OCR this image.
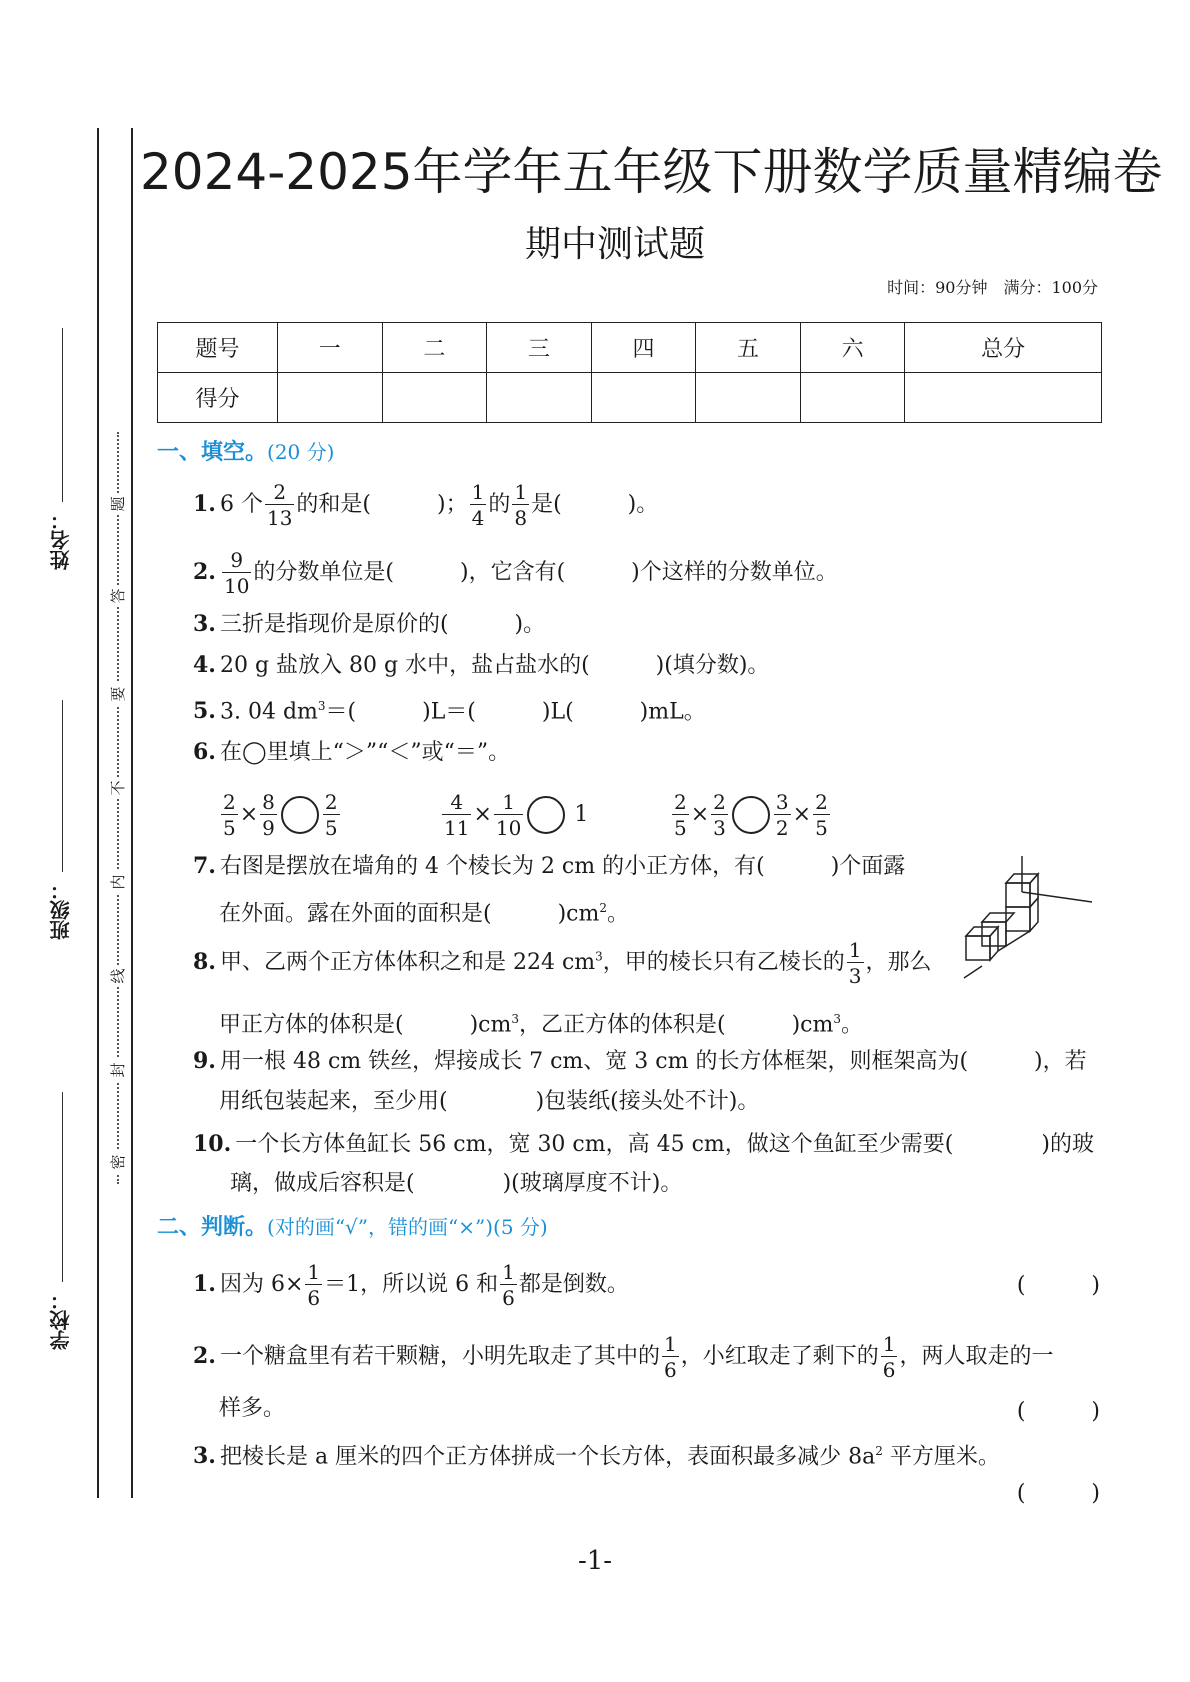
题
答
要
不
内
线
封
密
姓名：
班级：
学校：
2024-2025年学年五年级下册数学质量精编卷
期中测试题
时间：90分钟　满分：100分
题号	一	二	三	四	五	六	总分
得分							
一、填空。(20 分)
1. 6 个 $\frac{2}{13}$ 的和是(　　　)； $\frac{1}{4}$ 的 $\frac{1}{8}$ 是(　　　)。
2. $\frac{9}{10}$ 的分数单位是(　　　)，它含有(　　　)个这样的分数单位。
3. 三折是指现价是原价的(　　　)。
4. 20 g 盐放入 80 g 水中，盐占盐水的(　　　)(填分数)。
5. 3. 04 $dm^3=$(　　　)L＝(　　　)L(　　　)mL。
6. 在◯里填上“＞”“＜”或“＝”。
$\frac{2}{5} \times \frac{8}{9} \frac{2}{5}$	$\frac{4}{11} \times \frac{1}{10} 1$	$\frac{2}{5} \times \frac{2}{3} \frac{3}{2} \times \frac{2}{5}$
7. 右图是摆放在墙角的 4 个棱长为 2 cm 的小正方体，有(　　　)个面露
在外面。露在外面的面积是(　　　)$cm^2$。
8. 甲、乙两个正方体体积之和是 224 $cm^3$，甲的棱长只有乙棱长的 $\frac{1}{3}$ ，那么
甲正方体的体积是(　　　)$cm^3$，乙正方体的体积是(　　　)$cm^3$。
9. 用一根 48 cm 铁丝，焊接成长 7 cm、宽 3 cm 的长方体框架，则框架高为(　　　)，若
用纸包装起来，至少用(　　　　)包装纸(接头处不计)。
10. 一个长方体鱼缸长 56 cm，宽 30 cm，高 45 cm，做这个鱼缸至少需要(　　　　)的玻
璃，做成后容积是(　　　　)(玻璃厚度不计)。
二、判断。(对的画“√”，错的画“×”)(5 分)
1. 因为 $6\times \frac{1}{6} =1$，所以说 6 和 $\frac{1}{6}$ 都是倒数。	(　　　)
2. 一个糖盒里有若干颗糖，小明先取走了其中的 $\frac{1}{6}$ ，小红取走了剩下的 $\frac{1}{6}$ ，两人取走的一
样多。	(　　　)
3. 把棱长是 a 厘米的四个正方体拼成一个长方体，表面积最多减少 $8a^2$ 平方厘米。
(　　　)
-1-
